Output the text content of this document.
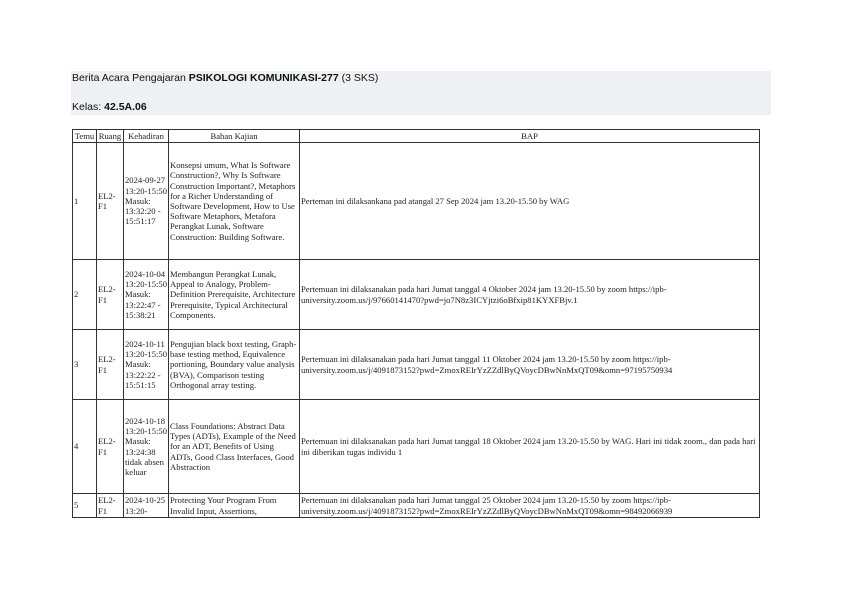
Berita Acara Pengajaran PSIKOLOGI KOMUNIKASI-277 (3 SKS)
Kelas: 42.5A.06
Temu	Ruang	Kehadiran	Bahan Kajian	BAP
1	EL2-F1	2024-09-27 13:20-15:50 Masuk: 13:32:20 - 15:51:17	Konsepsi umum, What Is Software Construction?, Why Is Software Construction Important?, Metaphors for a Richer Understanding of Software Development, How to Use Software Metaphors, Metafora Perangkat Lunak, Software Construction: Building Software.	Perteman ini dilaksankana pad atangal 27 Sep 2024 jam 13.20-15.50 by WAG
2	EL2-F1	2024-10-04 13:20-15:50 Masuk: 13:22:47 - 15:38:21	Membangun Perangkat Lunak, Appeal to Analogy, Problem-Definition Prerequisite, Architecture Prerequisite, Typical Architectural Components.	Pertemuan ini dilaksanakan pada hari Jumat tanggal 4 Oktober 2024 jam 13.20-15.50 by zoom https://ipb-university.zoom.us/j/97660141470?pwd=jo7N8z3ICYjtzi6oBfxip81KYXFBjv.1
3	EL2-F1	2024-10-11 13:20-15:50 Masuk: 13:22:22 - 15:51:15	Pengujian black boxt testing, Graph-base testing method, Equivalence portioning, Boundary value analysis (BVA), Comparison testing Orthogonal array testing.	Pertemuan ini dilaksanakan pada hari Jumat tanggal 11 Oktober 2024 jam 13.20-15.50 by zoom https://ipb-university.zoom.us/j/4091873152?pwd=ZmoxREIrYzZZdlByQVoycDBwNnMxQT09&omn=97195750934
4	EL2-F1	2024-10-18 13:20-15:50 Masuk: 13:24:38 tidak absen keluar	Class Foundations: Abstract Data Types (ADTs), Example of the Need for an ADT, Benefits of Using ADTs, Good Class Interfaces, Good Abstraction	Pertemuan ini dilaksanakan pada hari Jumat tanggal 18 Oktober 2024 jam 13.20-15.50 by WAG. Hari ini tidak zoom., dan pada hari ini diberikan tugas individu 1
5	EL2-F1	2024-10-25 13:20-	Protecting Your Program From Invalid Input, Assertions,	Pertemuan ini dilaksanakan pada hari Jumat tanggal 25 Oktober 2024 jam 13.20-15.50 by zoom https://ipb-university.zoom.us/j/4091873152?pwd=ZmoxREIrYzZZdlByQVoycDBwNnMxQT09&omn=98492066939
